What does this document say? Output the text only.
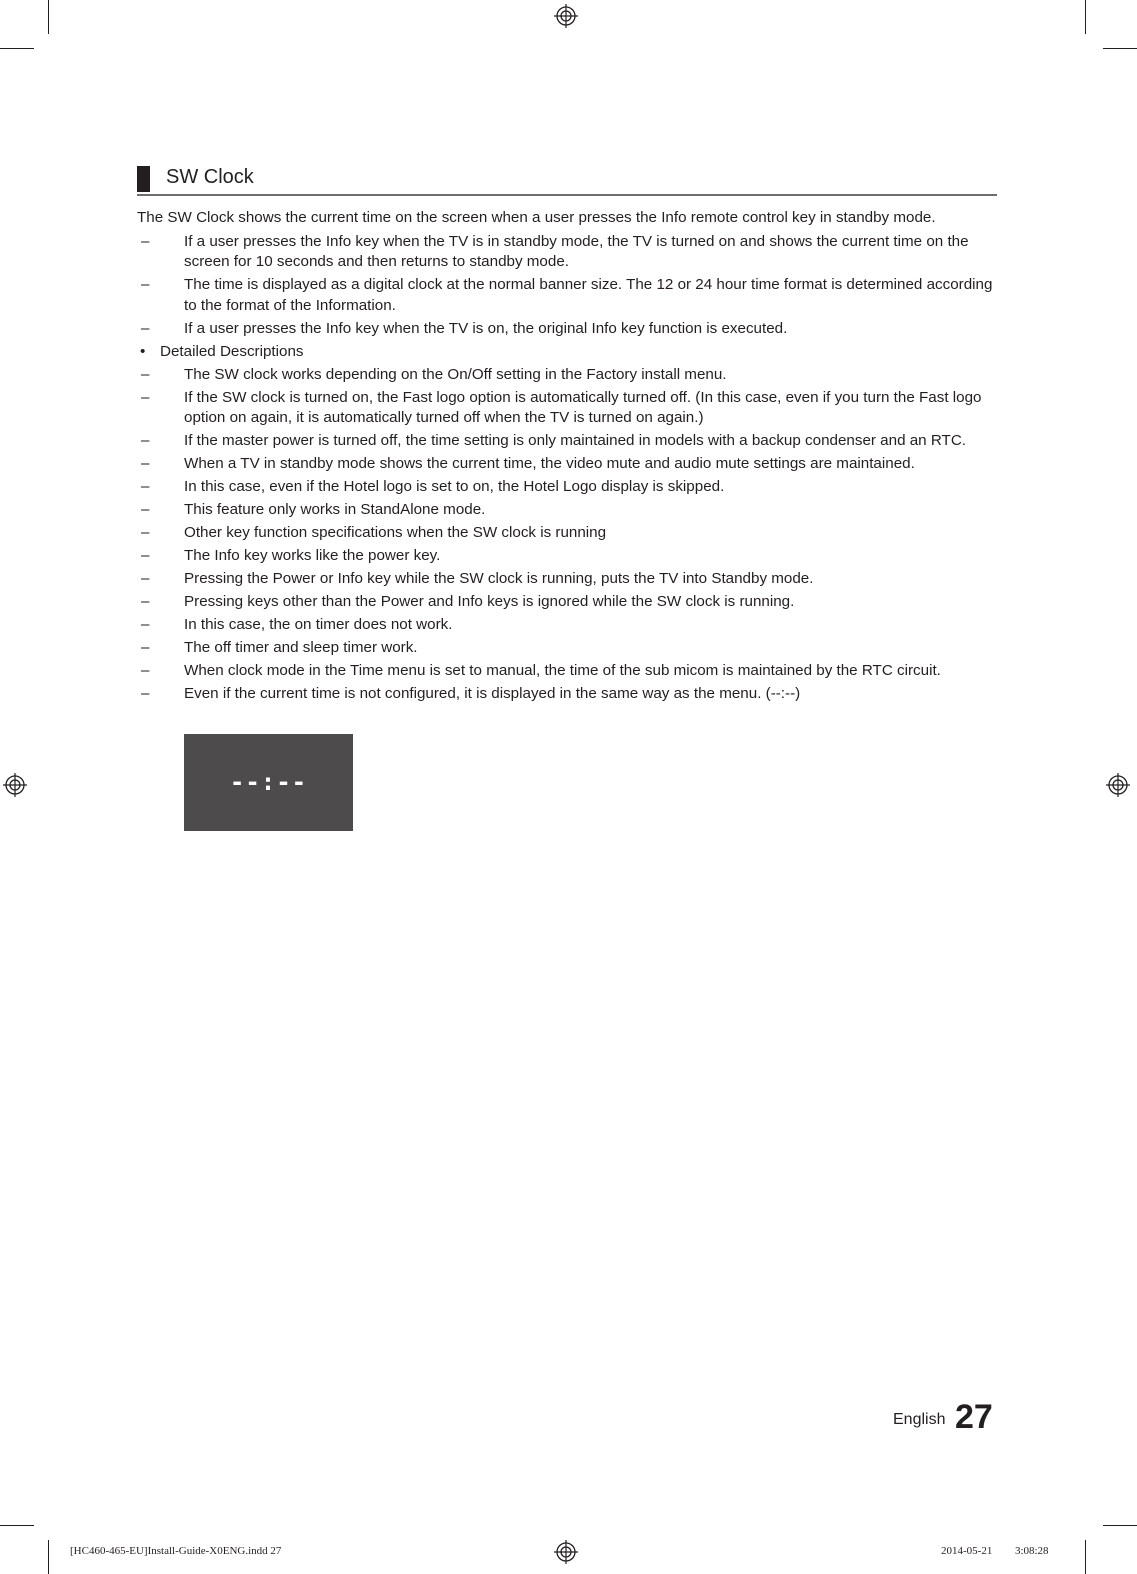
SW Clock

The SW Clock shows the current time on the screen when a user presses the Info remote control key in standby mode.

– If a user presses the Info key when the TV is in standby mode, the TV is turned on and shows the current time on the screen for 10 seconds and then returns to standby mode.
– The time is displayed as a digital clock at the normal banner size. The 12 or 24 hour time format is determined according to the format of the Information.
– If a user presses the Info key when the TV is on, the original Info key function is executed.
• Detailed Descriptions
– The SW clock works depending on the On/Off setting in the Factory install menu.
– If the SW clock is turned on, the Fast logo option is automatically turned off. (In this case, even if you turn the Fast logo option on again, it is automatically turned off when the TV is turned on again.)
– If the master power is turned off, the time setting is only maintained in models with a backup condenser and an RTC.
– When a TV in standby mode shows the current time, the video mute and audio mute settings are maintained.
– In this case, even if the Hotel logo is set to on, the Hotel Logo display is skipped.
– This feature only works in StandAlone mode.
– Other key function specifications when the SW clock is running
– The Info key works like the power key.
– Pressing the Power or Info key while the SW clock is running, puts the TV into Standby mode.
– Pressing keys other than the Power and Info keys is ignored while the SW clock is running.
– In this case, the on timer does not work.
– The off timer and sleep timer work.
– When clock mode in the Time menu is set to manual, the time of the sub micom is maintained by the RTC circuit.
– Even if the current time is not configured, it is displayed in the same way as the menu. (--:--)
--:--
English 27
[HC460-465-EU]Install-Guide-X0ENG.indd 27	2014-05-21 ￿￿ 3:08:28
